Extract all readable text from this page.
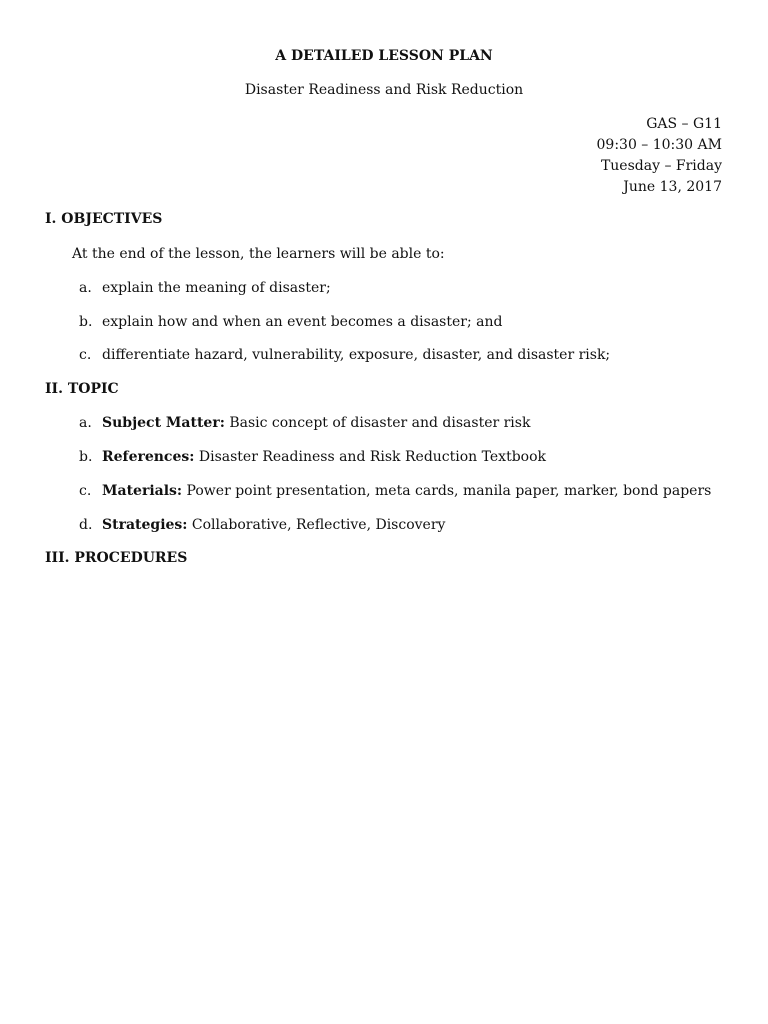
A DETAILED LESSON PLAN
Disaster Readiness and Risk Reduction
GAS – G11
09:30 – 10:30 AM
Tuesday – Friday
June 13, 2017
I. OBJECTIVES
At the end of the lesson, the learners will be able to:
a. explain the meaning of disaster;
b. explain how and when an event becomes a disaster; and
c. differentiate hazard, vulnerability, exposure, disaster, and disaster risk;
II. TOPIC
a. Subject Matter: Basic concept of disaster and disaster risk
b. References: Disaster Readiness and Risk Reduction Textbook
c. Materials: Power point presentation, meta cards, manila paper, marker, bond papers
d. Strategies: Collaborative, Reflective, Discovery
III. PROCEDURES
